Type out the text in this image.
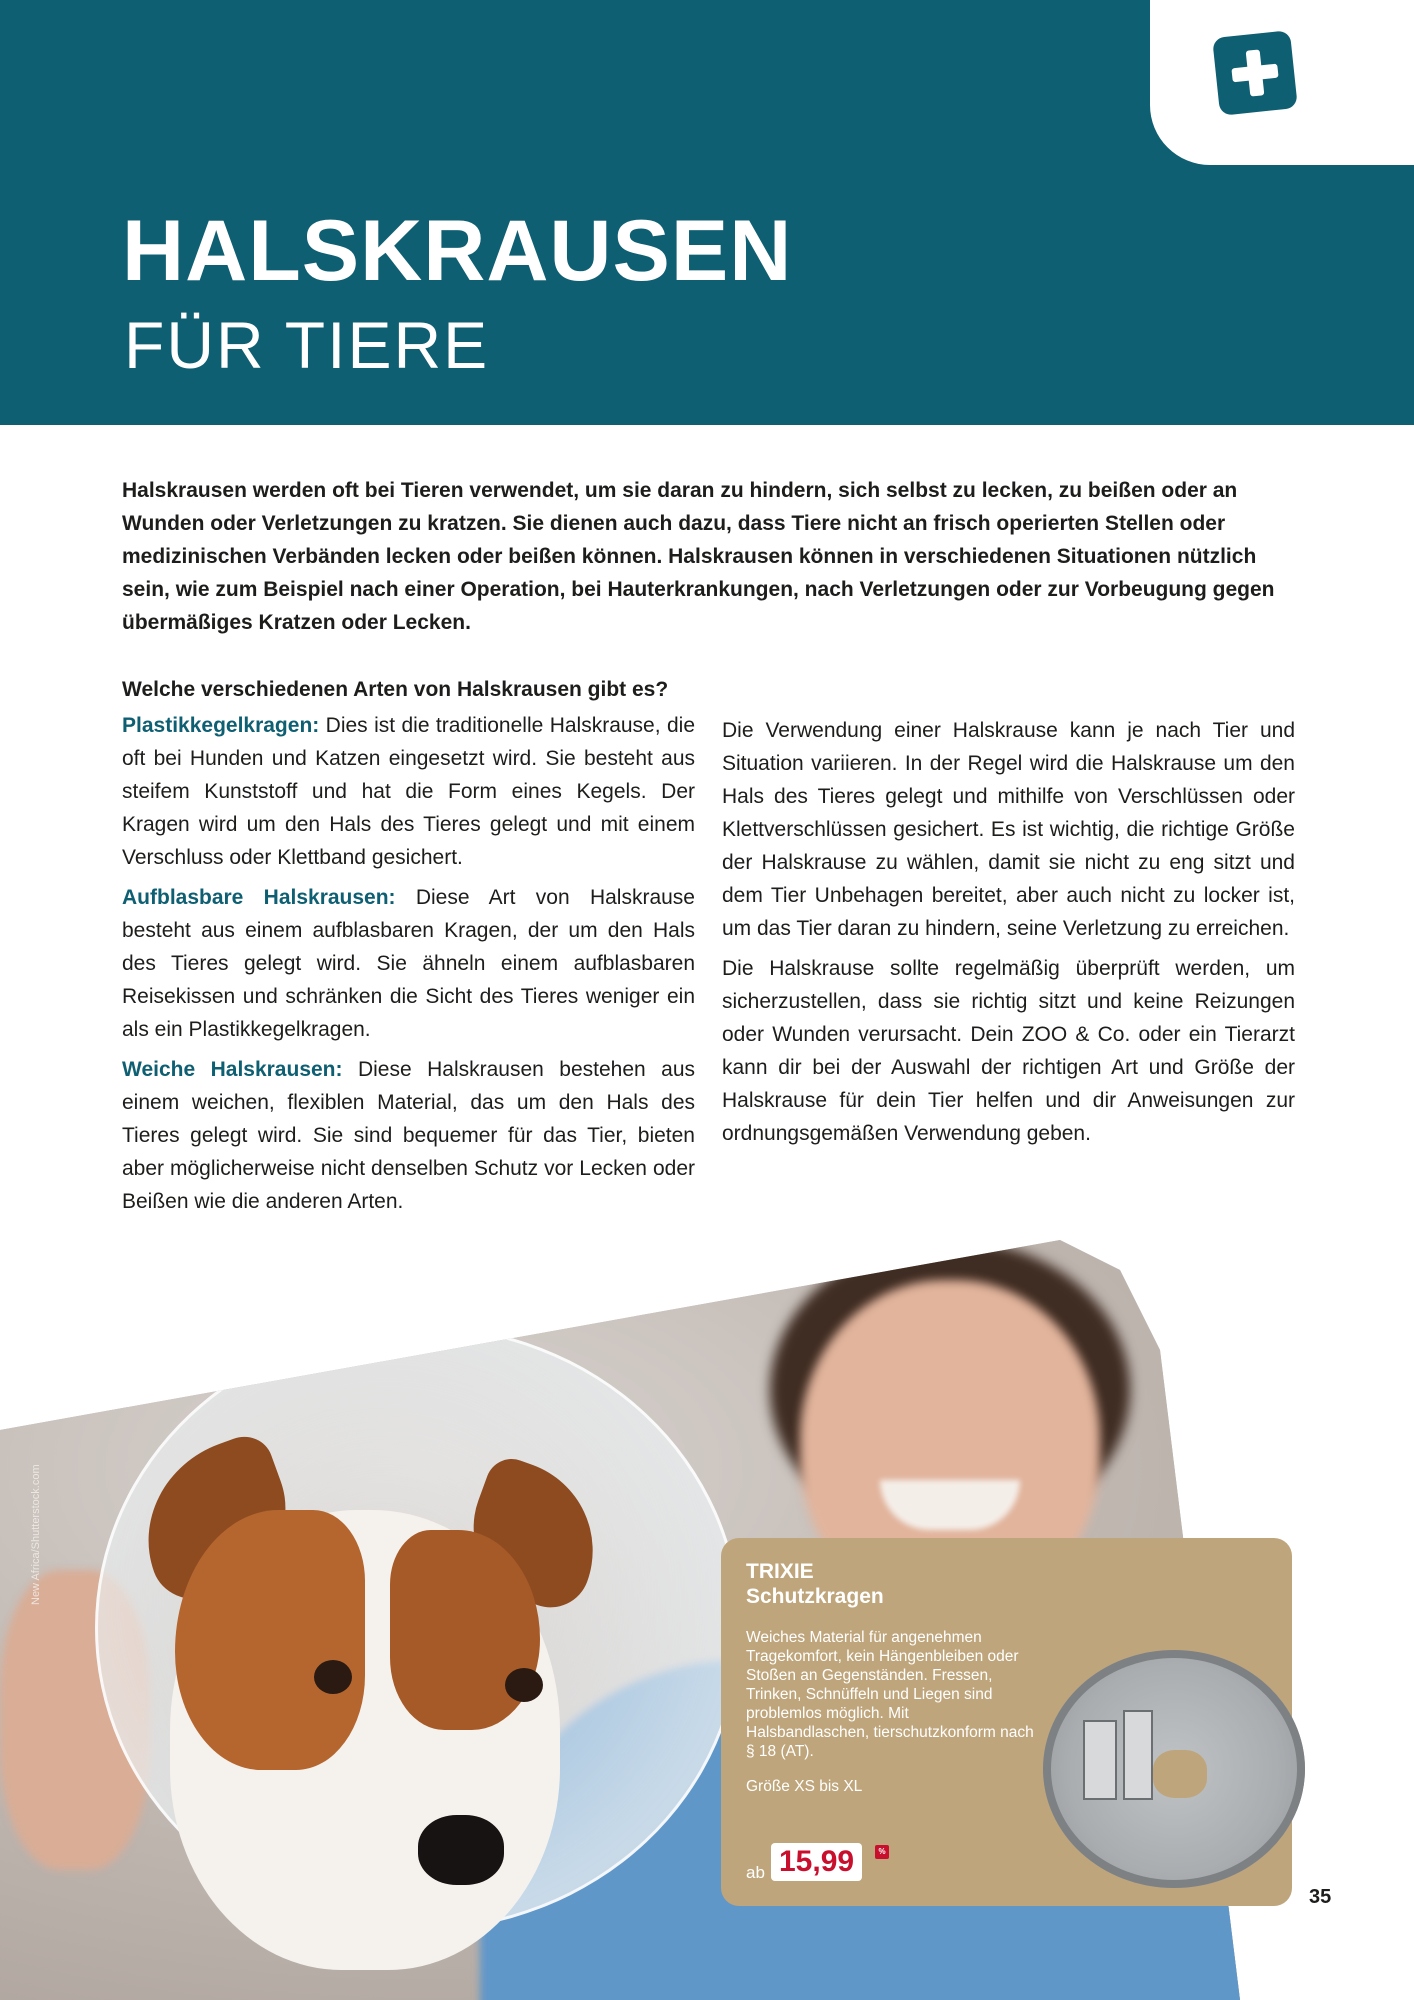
HALSKRAUSEN
FÜR TIERE

Halskrausen werden oft bei Tieren verwendet, um sie daran zu hindern, sich selbst zu lecken, zu beißen oder an Wunden oder Verletzungen zu kratzen. Sie dienen auch dazu, dass Tiere nicht an frisch operierten Stellen oder medizinischen Verbänden lecken oder beißen können. Halskrausen können in verschiedenen Situationen nützlich sein, wie zum Beispiel nach einer Operation, bei Hauterkrankungen, nach Verletzungen oder zur Vorbeugung gegen übermäßiges Kratzen oder Lecken.

Welche verschiedenen Arten von Halskrausen gibt es?

Plastikkegelkragen: Dies ist die traditionelle Halskrause, die oft bei Hunden und Katzen eingesetzt wird. Sie besteht aus steifem Kunststoff und hat die Form eines Kegels. Der Kragen wird um den Hals des Tieres gelegt und mit einem Verschluss oder Klettband gesichert.

Aufblasbare Halskrausen: Diese Art von Halskrause besteht aus einem aufblasbaren Kragen, der um den Hals des Tieres gelegt wird. Sie ähneln einem aufblasbaren Reisekissen und schränken die Sicht des Tieres weniger ein als ein Plastikkegelkragen.

Weiche Halskrausen: Diese Halskrausen bestehen aus einem weichen, flexiblen Material, das um den Hals des Tieres gelegt wird. Sie sind bequemer für das Tier, bieten aber möglicherweise nicht denselben Schutz vor Lecken oder Beißen wie die anderen Arten.

Die Verwendung einer Halskrause kann je nach Tier und Situation variieren. In der Regel wird die Halskrause um den Hals des Tieres gelegt und mithilfe von Verschlüssen oder Klettverschlüssen gesichert. Es ist wichtig, die richtige Größe der Halskrause zu wählen, damit sie nicht zu eng sitzt und dem Tier Unbehagen bereitet, aber auch nicht zu locker ist, um das Tier daran zu hindern, seine Verletzung zu erreichen.

Die Halskrause sollte regelmäßig überprüft werden, um sicherzustellen, dass sie richtig sitzt und keine Reizungen oder Wunden verursacht. Dein ZOO & Co. oder ein Tierarzt kann dir bei der Auswahl der richtigen Art und Größe der Halskrause für dein Tier helfen und dir Anweisungen zur ordnungsgemäßen Verwendung geben.

New Africa/Shutterstock.com	TRIXIE

Schutzkragen

Weiches Material für angenehmen Tragekomfort, kein Hängenbleiben oder Stoßen an Gegenständen. Fressen, Trinken, Schnüffeln und Liegen sind problemlos möglich. Mit Halsbandlaschen, tierschutzkonform nach § 18 (AT).

Größe XS bis XL

ab 15,99	%
35
